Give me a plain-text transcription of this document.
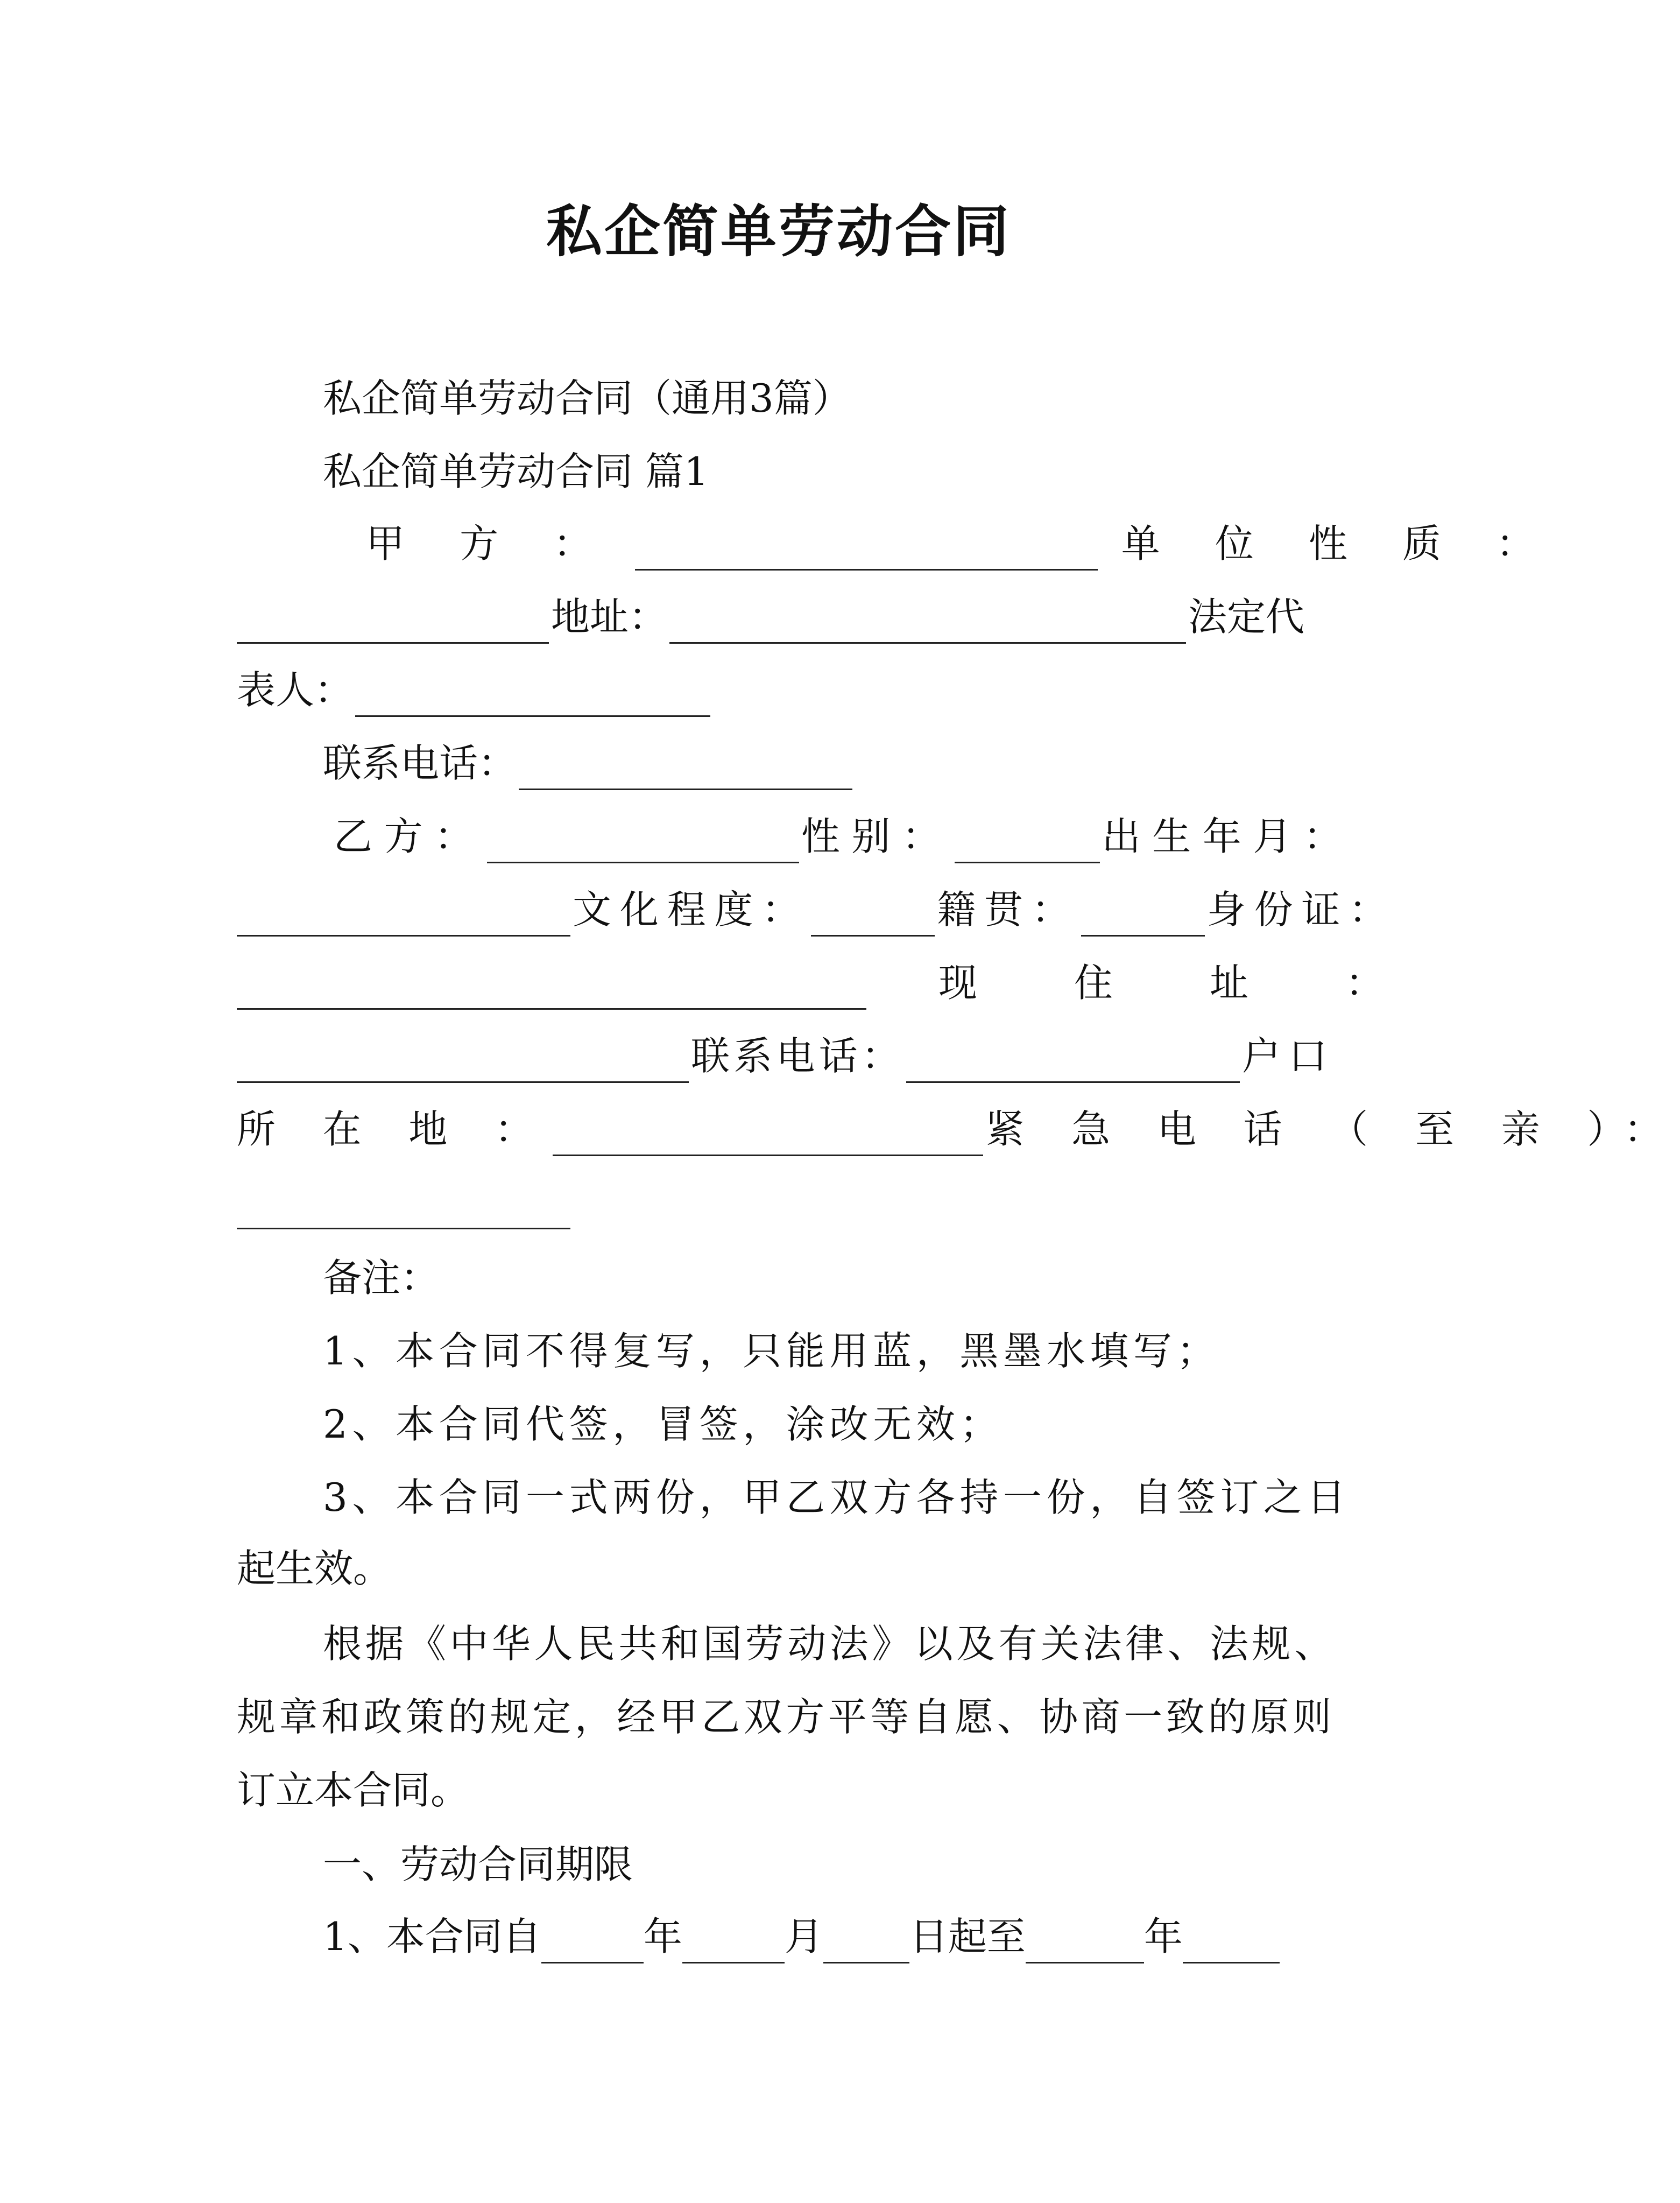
私企简单劳动合同
私企简单劳动合同（通用3篇）
私企简单劳动合同 篇1
甲 方 ：	单 位 性 质 ：
地址：	法定代
表人：
联系电话：
乙方：	性别：	出生年月：
文化程度：	籍贯：	身份证：
现　住　址　：
联系电话：	户口
所 在 地 ：	紧 急 电 话 （ 至 亲 ）：
备注：
1、本合同不得复写，只能用蓝，黑墨水填写；
2、本合同代签，冒签，涂改无效；
3、本合同一式两份，甲乙双方各持一份，自签订之日
起生效。
根据《中华人民共和国劳动法》以及有关法律、法规、
规章和政策的规定，经甲乙双方平等自愿、协商一致的原则
订立本合同。
一、劳动合同期限
1、本合同自	年	月 日起至	年
